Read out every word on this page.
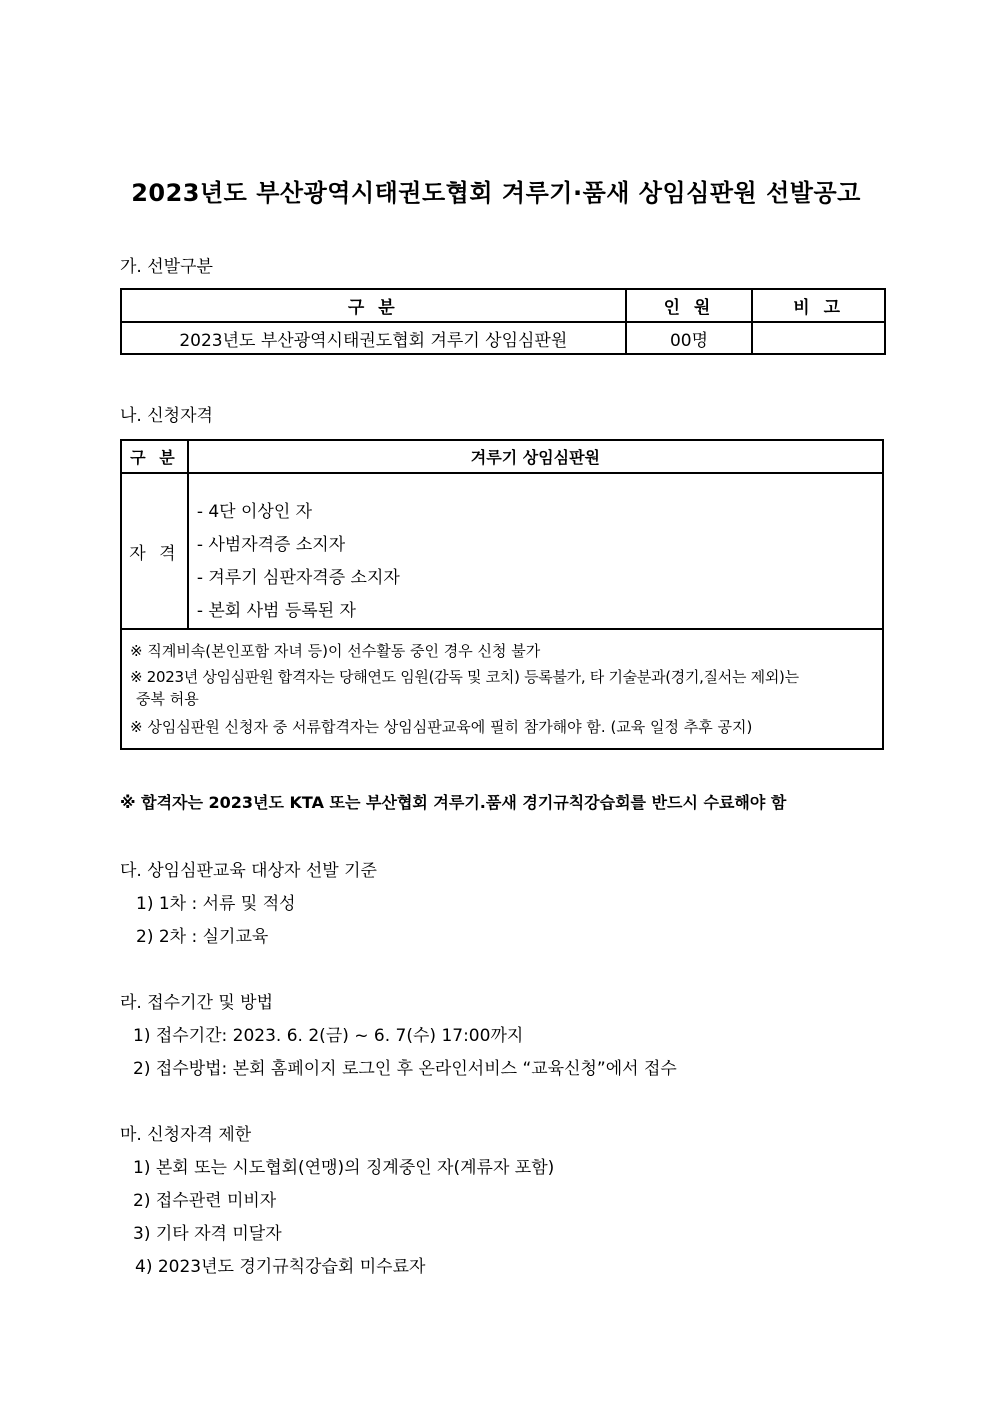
2023년도 부산광역시태권도협회 겨루기·품새 상임심판원 선발공고
가. 선발구분
구 분	인 원	비 고
2023년도 부산광역시태권도협회 겨루기 상임심판원	00명	
나. 신청자격
구 분	겨루기 상임심판원
자 격	- 4단 이상인 자
- 사범자격증 소지자
- 겨루기 심판자격증 소지자
- 본회 사범 등록된 자

※ 직계비속(본인포함 자녀 등)이 선수활동 중인 경우 신청 불가
※ 2023년 상임심판원 합격자는 당해연도 임원(감독 및 코치) 등록불가, 타 기술분과(경기,질서는 제외)는
중복 허용
※ 상임심판원 신청자 중 서류합격자는 상임심판교육에 필히 참가해야 함. (교육 일정 추후 공지)	
※ 합격자는 2023년도 KTA 또는 부산협회 겨루기.품새 경기규칙강습회를 반드시 수료해야 함
다. 상임심판교육 대상자 선발 기준
1) 1차 : 서류 및 적성
2) 2차 : 실기교육
라. 접수기간 및 방법
1) 접수기간: 2023. 6. 2(금) ~ 6. 7(수) 17:00까지
2) 접수방법: 본회 홈페이지 로그인 후 온라인서비스 “교육신청”에서 접수
마. 신청자격 제한
1) 본회 또는 시도협회(연맹)의 징계중인 자(계류자 포함)
2) 접수관련 미비자
3) 기타 자격 미달자
4) 2023년도 경기규칙강습회 미수료자
